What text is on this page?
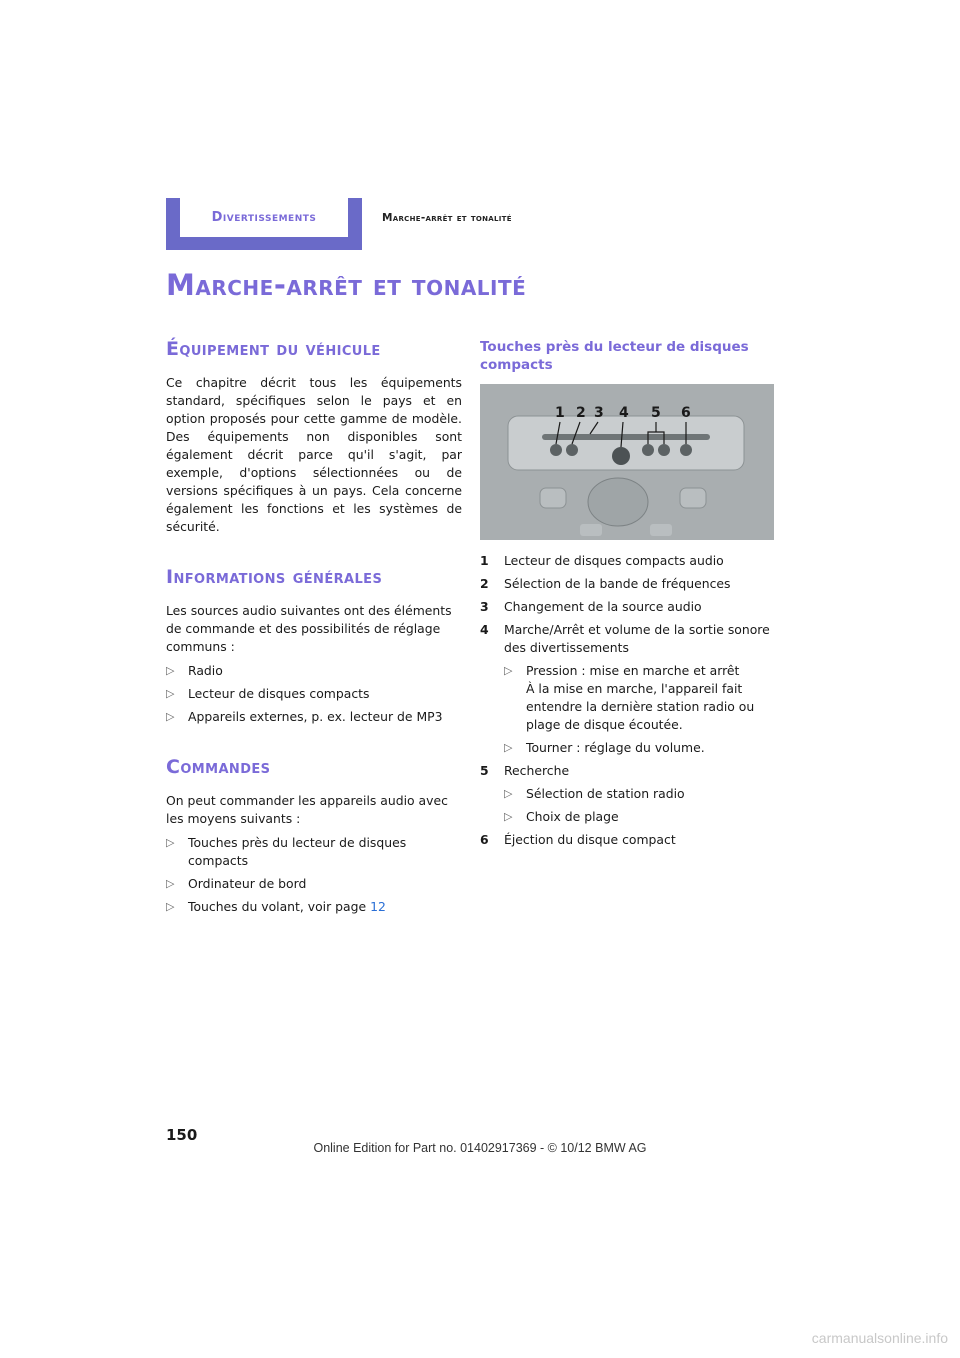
Divertissements	Marche-arrêt et tonalité
Marche-arrêt et tonalité
Équipement du véhicule

Ce chapitre décrit tous les équipements standard, spécifiques selon le pays et en option proposés pour cette gamme de modèle. Des équipements non disponibles sont également décrit parce qu'il s'agit, par exemple, d'options sélectionnées ou de versions spécifiques à un pays. Cela concerne également les fonctions et les systèmes de sécurité.

Informations générales

Les sources audio suivantes ont des éléments de commande et des possibilités de réglage communs :

▷ Radio
▷ Lecteur de disques compacts
▷ Appareils externes, p. ex. lecteur de MP3
Commandes

On peut commander les appareils audio avec les moyens suivants :

▷ Touches près du lecteur de disques compacts
▷ Ordinateur de bord
▷ Touches du volant, voir page 12
Touches près du lecteur de disques compacts
1 2 3 4 5 6
1 Lecteur de disques compacts audio
2 Sélection de la bande de fréquences
3 Changement de la source audio
4 Marche/Arrêt et volume de la sortie sonore des divertissements
▷ Pression : mise en marche et arrêt
À la mise en marche, l'appareil fait entendre la dernière station radio ou plage de disque écoutée.
▷ Tourner : réglage du volume.
5 Recherche
▷ Sélection de station radio
▷ Choix de plage
6 Éjection du disque compact
150
Online Edition for Part no. 01402917369 - © 10/12 BMW AG
carmanualsonline.info
